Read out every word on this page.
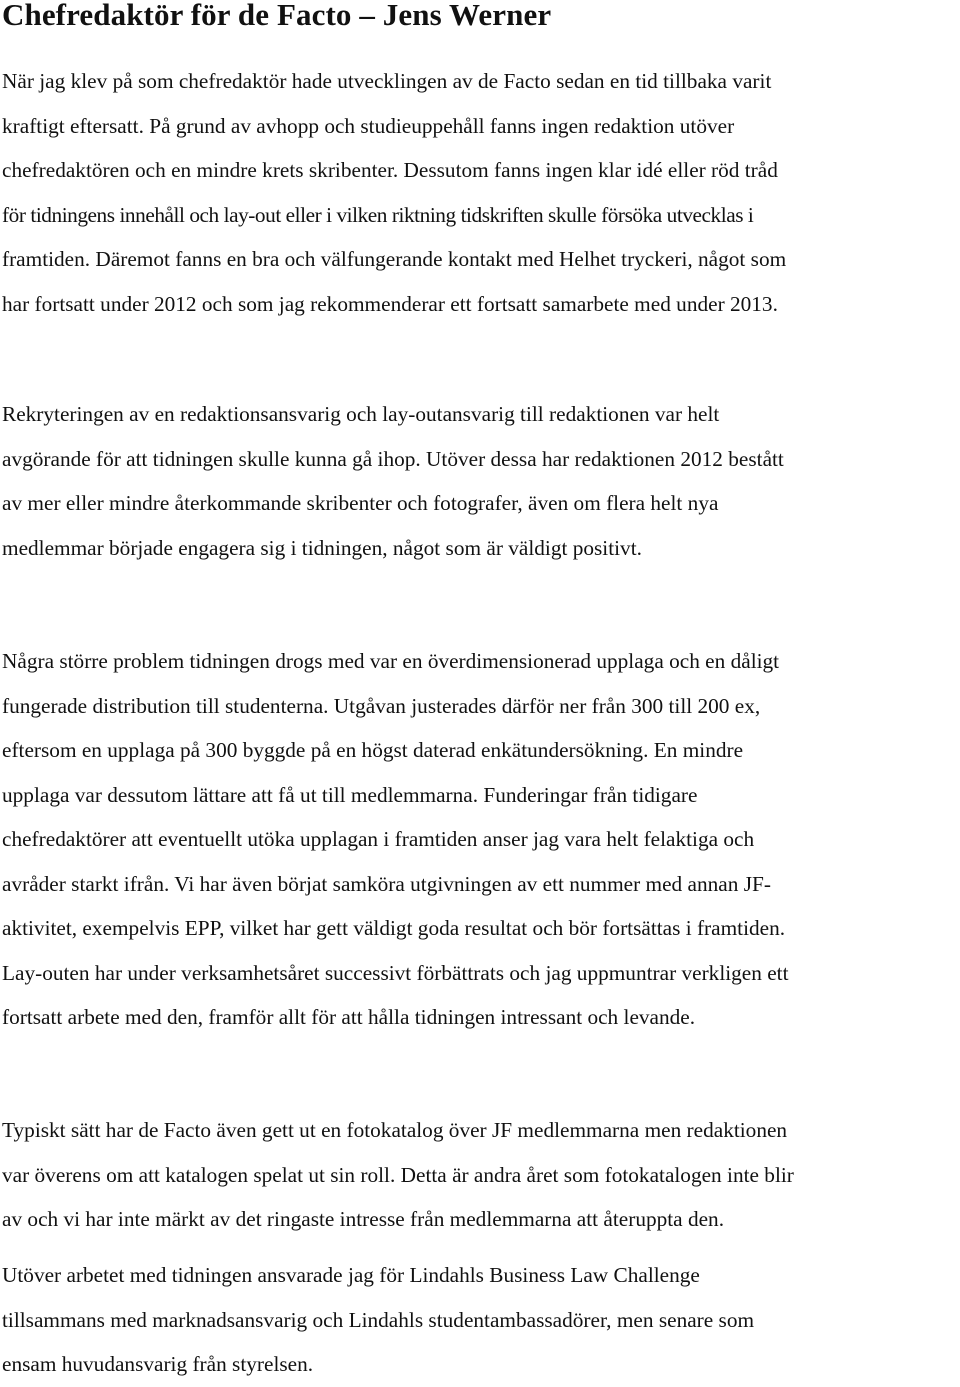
Chefredaktör för de Facto – Jens Werner
När jag klev på som chefredaktör hade utvecklingen av de Facto sedan en tid tillbaka varit
kraftigt eftersatt. På grund av avhopp och studieuppehåll fanns ingen redaktion utöver
chefredaktören och en mindre krets skribenter. Dessutom fanns ingen klar idé eller röd tråd
för tidningens innehåll och lay-out eller i vilken riktning tidskriften skulle försöka utvecklas i
framtiden. Däremot fanns en bra och välfungerande kontakt med Helhet tryckeri, något som
har fortsatt under 2012 och som jag rekommenderar ett fortsatt samarbete med under 2013.
Rekryteringen av en redaktionsansvarig och lay-outansvarig till redaktionen var helt
avgörande för att tidningen skulle kunna gå ihop. Utöver dessa har redaktionen 2012 bestått
av mer eller mindre återkommande skribenter och fotografer, även om flera helt nya
medlemmar började engagera sig i tidningen, något som är väldigt positivt.
Några större problem tidningen drogs med var en överdimensionerad upplaga och en dåligt
fungerade distribution till studenterna. Utgåvan justerades därför ner från 300 till 200 ex,
eftersom en upplaga på 300 byggde på en högst daterad enkätundersökning. En mindre
upplaga var dessutom lättare att få ut till medlemmarna. Funderingar från tidigare
chefredaktörer att eventuellt utöka upplagan i framtiden anser jag vara helt felaktiga och
avråder starkt ifrån. Vi har även börjat samköra utgivningen av ett nummer med annan JF-
aktivitet, exempelvis EPP, vilket har gett väldigt goda resultat och bör fortsättas i framtiden.
Lay-outen har under verksamhetsåret successivt förbättrats och jag uppmuntrar verkligen ett
fortsatt arbete med den, framför allt för att hålla tidningen intressant och levande.
Typiskt sätt har de Facto även gett ut en fotokatalog över JF medlemmarna men redaktionen
var överens om att katalogen spelat ut sin roll. Detta är andra året som fotokatalogen inte blir
av och vi har inte märkt av det ringaste intresse från medlemmarna att återuppta den.
Utöver arbetet med tidningen ansvarade jag för Lindahls Business Law Challenge
tillsammans med marknadsansvarig och Lindahls studentambassadörer, men senare som
ensam huvudansvarig från styrelsen.
